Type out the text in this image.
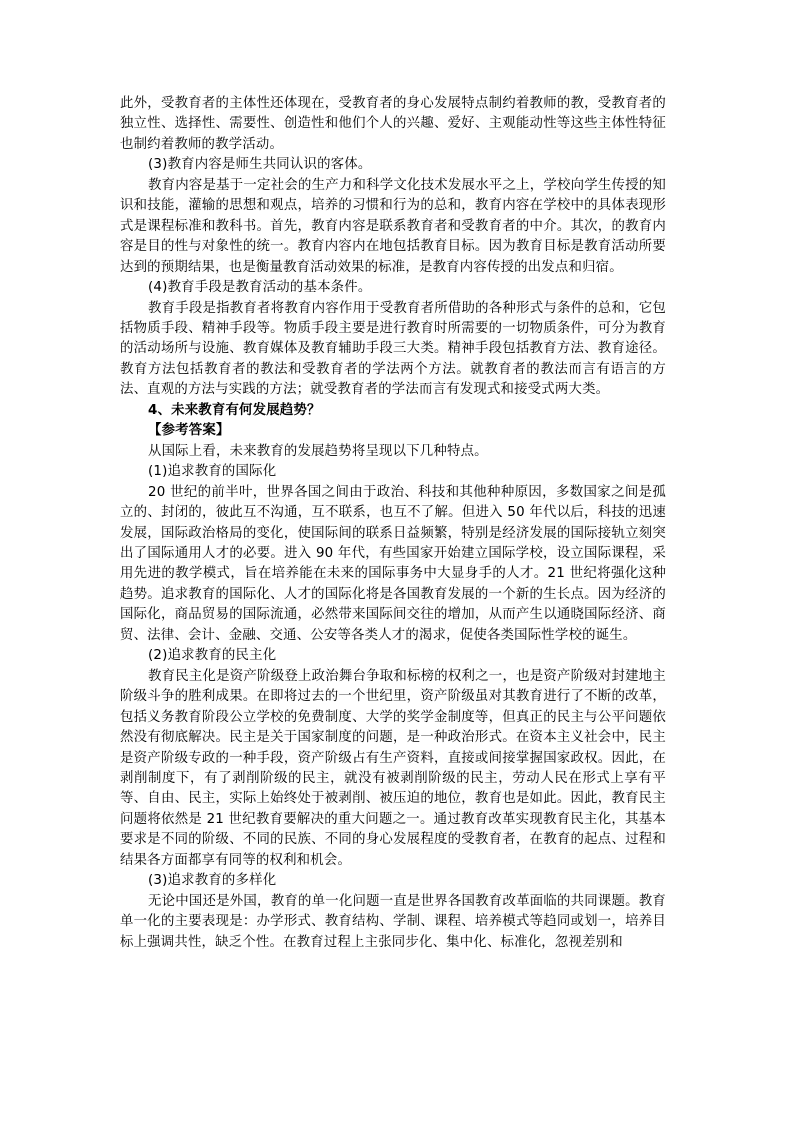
此外，受教育者的主体性还体现在，受教育者的身心发展特点制约着教师的教，受教育者的独立性、选择性、需要性、创造性和他们个人的兴趣、爱好、主观能动性等这些主体性特征也制约着教师的教学活动。

(3)教育内容是师生共同认识的客体。

教育内容是基于一定社会的生产力和科学文化技术发展水平之上，学校向学生传授的知识和技能，灌输的思想和观点，培养的习惯和行为的总和，教育内容在学校中的具体表现形式是课程标准和教科书。首先，教育内容是联系教育者和受教育者的中介。其次，的教育内容是目的性与对象性的统一。教育内容内在地包括教育目标。因为教育目标是教育活动所要达到的预期结果，也是衡量教育活动效果的标准，是教育内容传授的出发点和归宿。

(4)教育手段是教育活动的基本条件。

教育手段是指教育者将教育内容作用于受教育者所借助的各种形式与条件的总和，它包括物质手段、精神手段等。物质手段主要是进行教育时所需要的一切物质条件，可分为教育的活动场所与设施、教育媒体及教育辅助手段三大类。精神手段包括教育方法、教育途径。教育方法包括教育者的教法和受教育者的学法两个方法。就教育者的教法而言有语言的方法、直观的方法与实践的方法；就受教育者的学法而言有发现式和接受式两大类。

4、未来教育有何发展趋势？

【参考答案】

从国际上看，未来教育的发展趋势将呈现以下几种特点。

(1)追求教育的国际化

20 世纪的前半叶，世界各国之间由于政治、科技和其他种种原因，多数国家之间是孤立的、封闭的，彼此互不沟通，互不联系，也互不了解。但进入 50 年代以后，科技的迅速发展，国际政治格局的变化，使国际间的联系日益频繁，特别是经济发展的国际接轨立刻突出了国际通用人才的必要。进入 90 年代，有些国家开始建立国际学校，设立国际课程，采用先进的教学模式，旨在培养能在未来的国际事务中大显身手的人才。21 世纪将强化这种趋势。追求教育的国际化、人才的国际化将是各国教育发展的一个新的生长点。因为经济的国际化，商品贸易的国际流通，必然带来国际间交往的增加，从而产生以通晓国际经济、商贸、法律、会计、金融、交通、公安等各类人才的渴求，促使各类国际性学校的诞生。

(2)追求教育的民主化

教育民主化是资产阶级登上政治舞台争取和标榜的权利之一，也是资产阶级对封建地主阶级斗争的胜利成果。在即将过去的一个世纪里，资产阶级虽对其教育进行了不断的改革，包括义务教育阶段公立学校的免费制度、大学的奖学金制度等，但真正的民主与公平问题依然没有彻底解决。民主是关于国家制度的问题，是一种政治形式。在资本主义社会中，民主是资产阶级专政的一种手段，资产阶级占有生产资料，直接或间接掌握国家政权。因此，在剥削制度下，有了剥削阶级的民主，就没有被剥削阶级的民主，劳动人民在形式上享有平等、自由、民主，实际上始终处于被剥削、被压迫的地位，教育也是如此。因此，教育民主问题将依然是 21 世纪教育要解决的重大问题之一。通过教育改革实现教育民主化，其基本要求是不同的阶级、不同的民族、不同的身心发展程度的受教育者，在教育的起点、过程和结果各方面都享有同等的权利和机会。

(3)追求教育的多样化

无论中国还是外国，教育的单一化问题一直是世界各国教育改革面临的共同课题。教育单一化的主要表现是：办学形式、教育结构、学制、课程、培养模式等趋同或划一，培养目标上强调共性，缺乏个性。在教育过程上主张同步化、集中化、标准化，忽视差别和
